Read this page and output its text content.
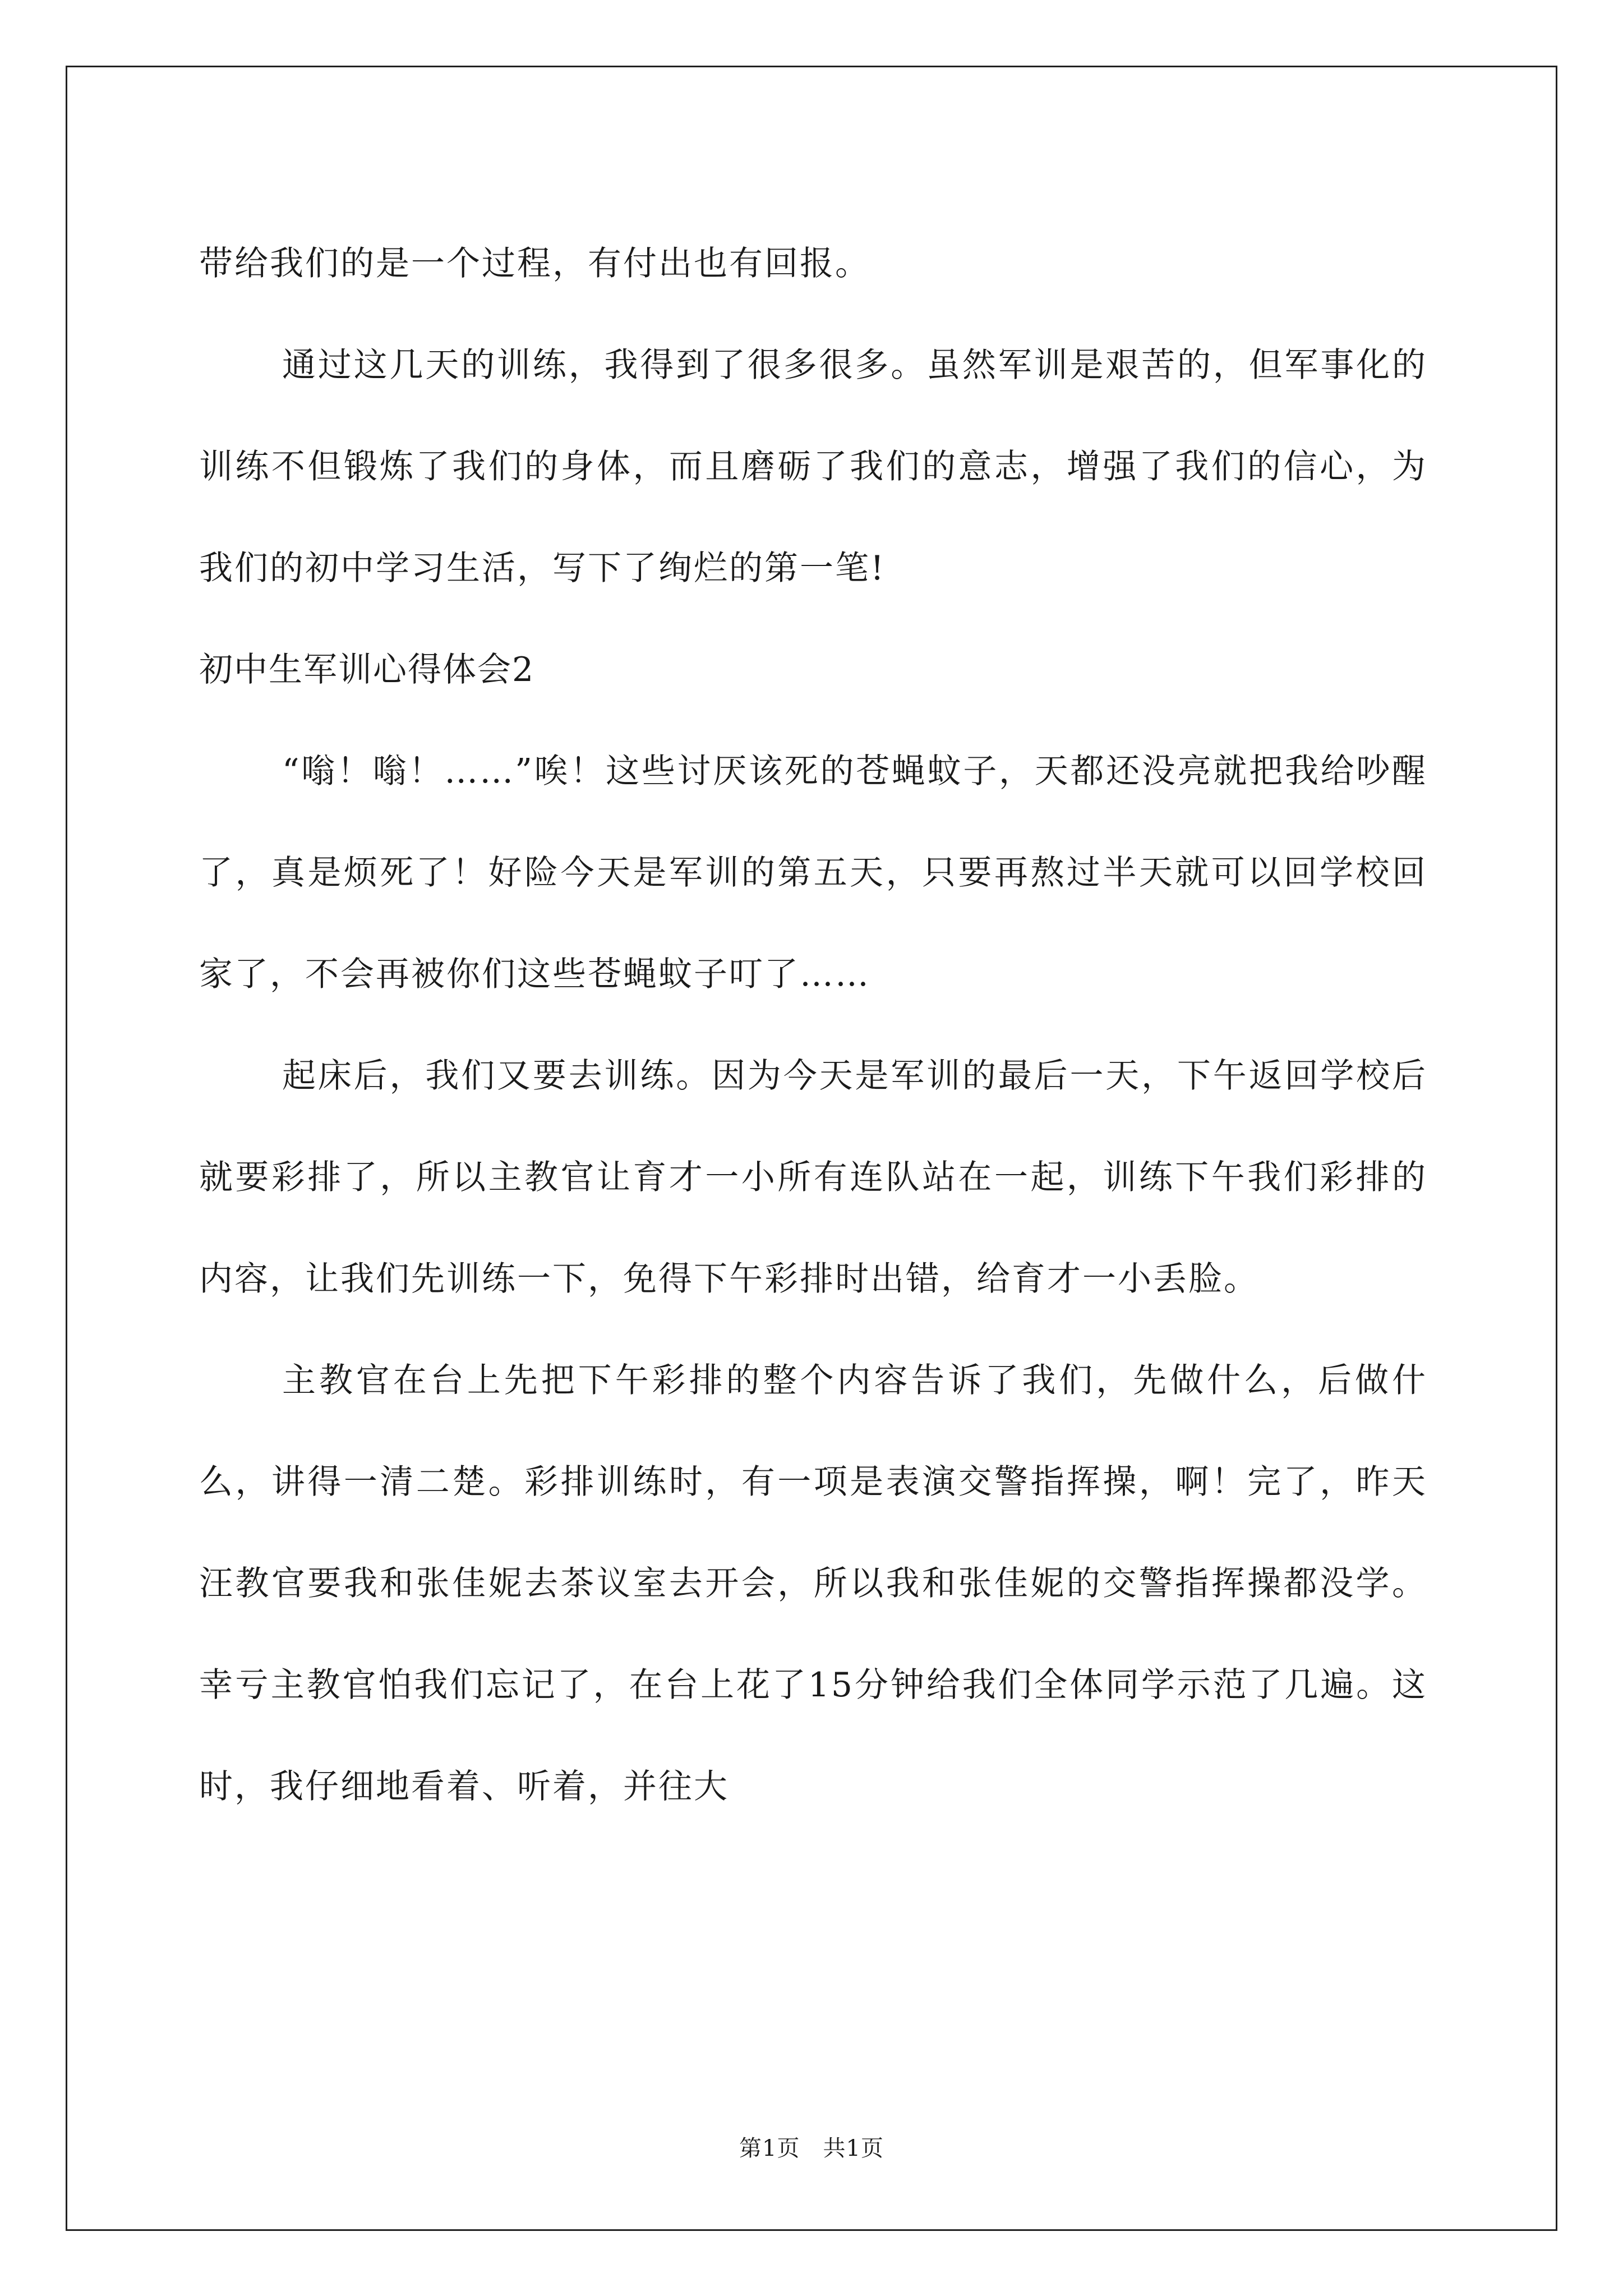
带给我们的是一个过程，有付出也有回报。

通过这几天的训练，我得到了很多很多。虽然军训是艰苦的，但军事化的训练不但锻炼了我们的身体，而且磨砺了我们的意志，增强了我们的信心，为我们的初中学习生活，写下了绚烂的第一笔!

初中生军训心得体会2

“嗡！嗡！……”唉！这些讨厌该死的苍蝇蚊子，天都还没亮就把我给吵醒了，真是烦死了！好险今天是军训的第五天，只要再熬过半天就可以回学校回家了，不会再被你们这些苍蝇蚊子叮了……

起床后，我们又要去训练。因为今天是军训的最后一天，下午返回学校后就要彩排了，所以主教官让育才一小所有连队站在一起，训练下午我们彩排的内容，让我们先训练一下，免得下午彩排时出错，给育才一小丢脸。

主教官在台上先把下午彩排的整个内容告诉了我们，先做什么，后做什么，讲得一清二楚。彩排训练时，有一项是表演交警指挥操，啊！完了，昨天汪教官要我和张佳妮去茶议室去开会，所以我和张佳妮的交警指挥操都没学。幸亏主教官怕我们忘记了，在台上花了15分钟给我们全体同学示范了几遍。这时，我仔细地看着、听着，并往大

第1页　共1页
